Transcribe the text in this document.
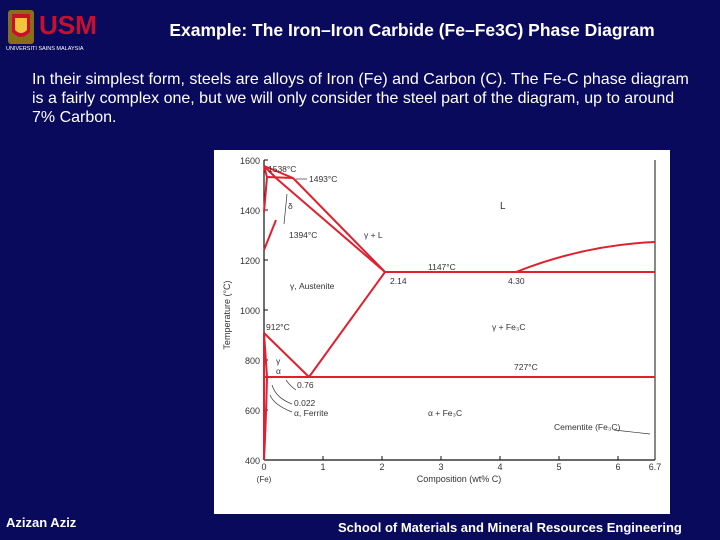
USM
UNIVERSITI SAINS MALAYSIA
Example: The Iron–Iron Carbide (Fe–Fe3C) Phase Diagram
In their simplest form, steels are alloys of Iron (Fe) and Carbon (C). The Fe-C phase diagram is a fairly complex one, but we will only consider the steel part of the diagram, up to around 7% Carbon.
1600
1400
1200
1000
800
600
400
0	1	2	3	4	5	6	6.7
(Fe)	Composition (wt% C)
Temperature (°C)
1538°C
1493°C
1394°C
1147°C
912°C
727°C
2.14	4.30
0.76
0.022
δ	L
γ + L
γ, Austenite
γ + Fe₃C
α + Fe₃C
α, Ferrite
Cementite (Fe₃C)
γ
α
Azizan Aziz	School of Materials and Mineral Resources Engineering
